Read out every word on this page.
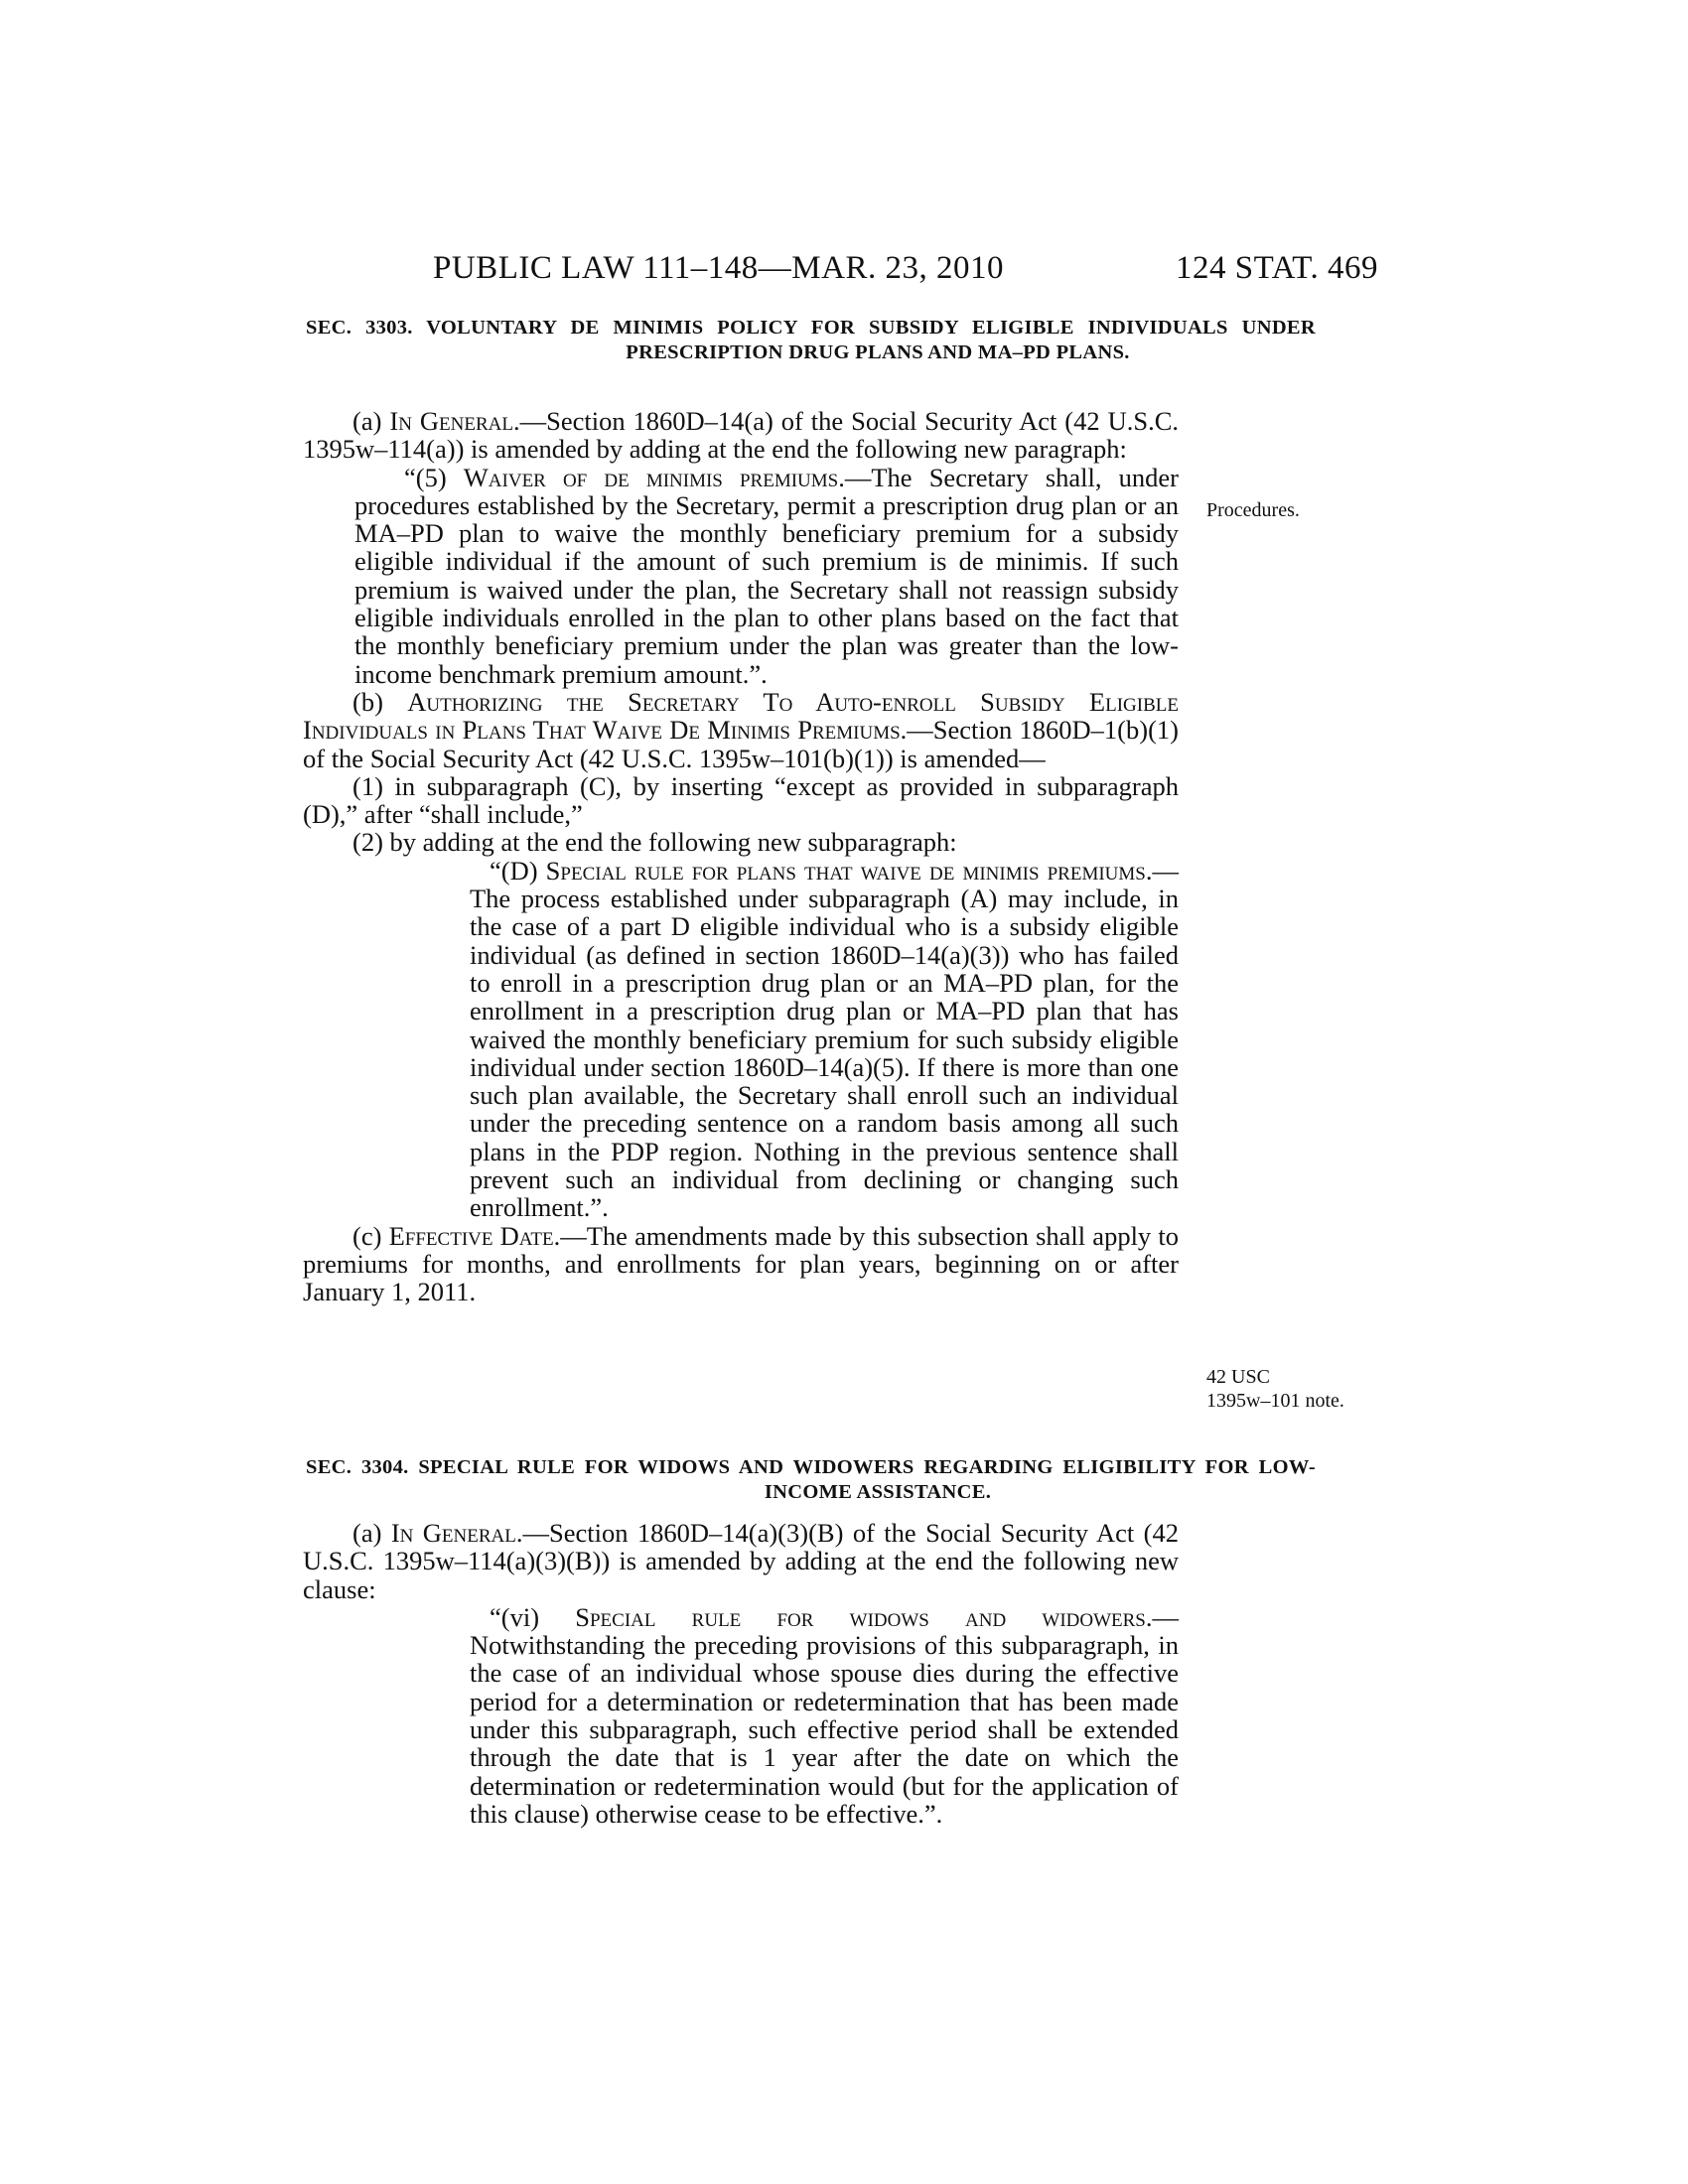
PUBLIC LAW 111–148—MAR. 23, 2010	124 STAT. 469
SEC. 3303. VOLUNTARY DE MINIMIS POLICY FOR SUBSIDY ELIGIBLE INDIVIDUALS UNDER PRESCRIPTION DRUG PLANS AND MA–PD PLANS.

(a) In General.—Section 1860D–14(a) of the Social Security Act (42 U.S.C. 1395w–114(a)) is amended by adding at the end the following new paragraph:

“(5) Waiver of de minimis premiums.—The Secretary shall, under procedures established by the Secretary, permit a prescription drug plan or an MA–PD plan to waive the monthly beneficiary premium for a subsidy eligible individual if the amount of such premium is de minimis. If such premium is waived under the plan, the Secretary shall not reassign subsidy eligible individuals enrolled in the plan to other plans based on the fact that the monthly beneficiary premium under the plan was greater than the low-income benchmark premium amount.”.

(b) Authorizing the Secretary To Auto-enroll Subsidy Eligible Individuals in Plans That Waive De Minimis Premiums.—Section 1860D–1(b)(1) of the Social Security Act (42 U.S.C. 1395w–101(b)(1)) is amended—

(1) in subparagraph (C), by inserting “except as provided in subparagraph (D),” after “shall include,”

(2) by adding at the end the following new subparagraph:

“(D) Special rule for plans that waive de minimis premiums.—The process established under subparagraph (A) may include, in the case of a part D eligible individual who is a subsidy eligible individual (as defined in section 1860D–14(a)(3)) who has failed to enroll in a prescription drug plan or an MA–PD plan, for the enrollment in a prescription drug plan or MA–PD plan that has waived the monthly beneficiary premium for such subsidy eligible individual under section 1860D–14(a)(5). If there is more than one such plan available, the Secretary shall enroll such an individual under the preceding sentence on a random basis among all such plans in the PDP region. Nothing in the previous sentence shall prevent such an individual from declining or changing such enrollment.”.

(c) Effective Date.—The amendments made by this subsection shall apply to premiums for months, and enrollments for plan years, beginning on or after January 1, 2011.

SEC. 3304. SPECIAL RULE FOR WIDOWS AND WIDOWERS REGARDING ELIGIBILITY FOR LOW-INCOME ASSISTANCE.

(a) In General.—Section 1860D–14(a)(3)(B) of the Social Security Act (42 U.S.C. 1395w–114(a)(3)(B)) is amended by adding at the end the following new clause:

“(vi) Special rule for widows and widowers.— Notwithstanding the preceding provisions of this subparagraph, in the case of an individual whose spouse dies during the effective period for a determination or redetermination that has been made under this subparagraph, such effective period shall be extended through the date that is 1 year after the date on which the determination or redetermination would (but for the application of this clause) otherwise cease to be effective.”.

Procedures.
42 USC
1395w–101 note.
